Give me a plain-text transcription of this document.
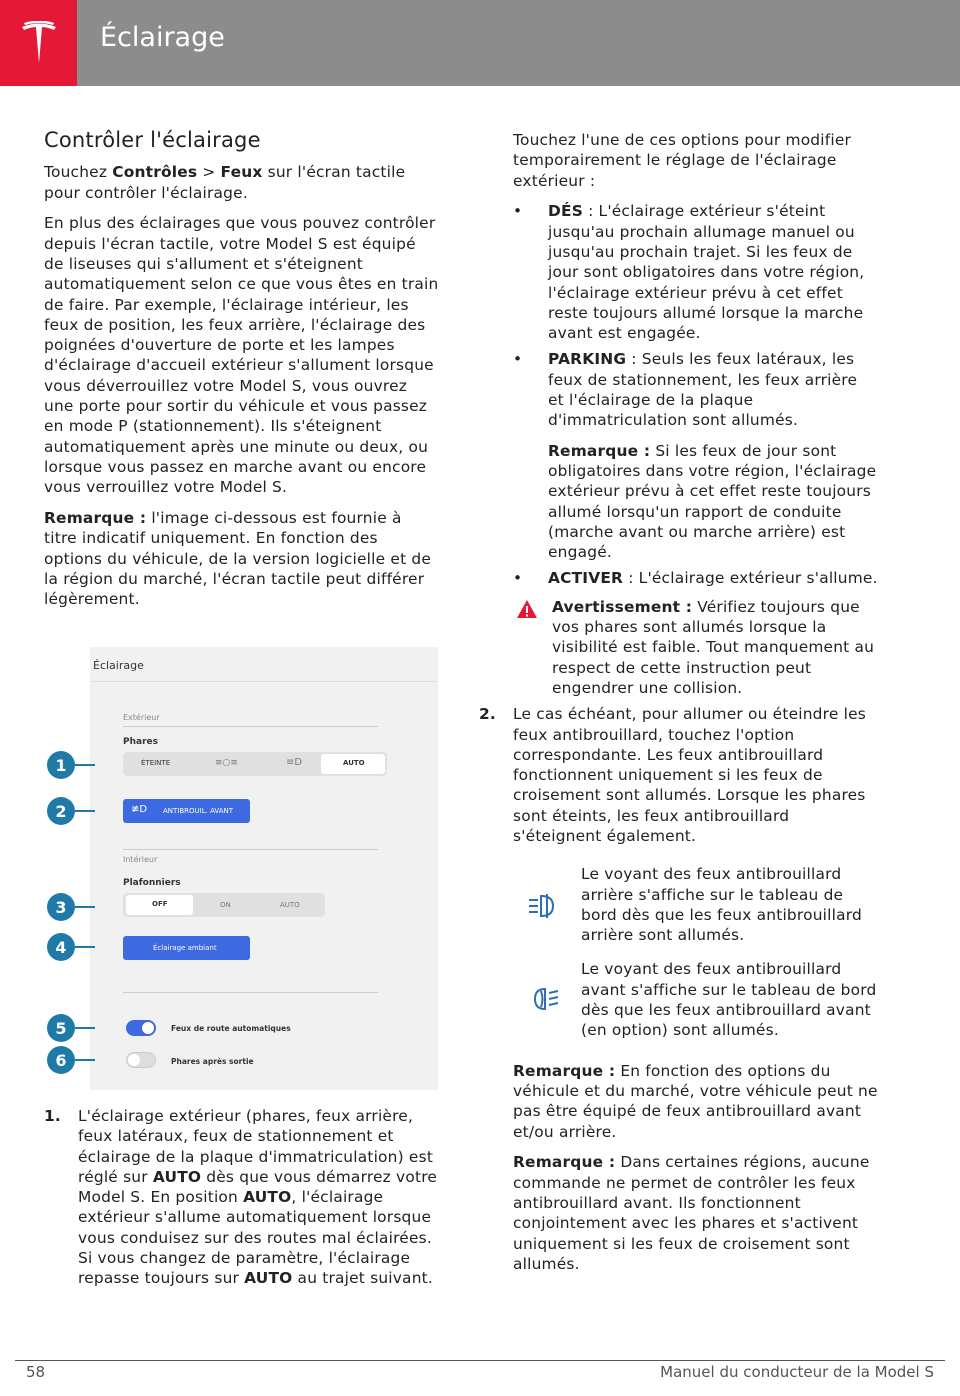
Éclairage
Contrôler l'éclairage

Touchez Contrôles > Feux sur l'écran tactile pour contrôler l'éclairage.

En plus des éclairages que vous pouvez contrôler depuis l'écran tactile, votre Model S est équipé de liseuses qui s'allument et s'éteignent automatiquement selon ce que vous êtes en train de faire. Par exemple, l'éclairage intérieur, les feux de position, les feux arrière, l'éclairage des poignées d'ouverture de porte et les lampes d'éclairage d'accueil extérieur s'allument lorsque vous déverrouillez votre Model S, vous ouvrez une porte pour sortir du véhicule et vous passez en mode P (stationnement). Ils s'éteignent automatiquement après une minute ou deux, ou lorsque vous passez en marche avant ou encore vous verrouillez votre Model S.

Remarque : l'image ci-dessous est fournie à titre indicatif uniquement. En fonction des options du véhicule, de la version logicielle et de la région du marché, l'écran tactile peut différer légèrement.

Éclairage
Extérieur
Phares
ÉTEINTE	≡○≡	≡D	AUTO
≢D ANTIBROUIL. AVANT
Intérieur
Plafonniers
OFF	ON	AUTO
Éclairage ambiant
Feux de route automatiques
Phares après sortie
1
2
3
4
5
6
1. L'éclairage extérieur (phares, feux arrière, feux latéraux, feux de stationnement et éclairage de la plaque d'immatriculation) est réglé sur AUTO dès que vous démarrez votre Model S. En position AUTO, l'éclairage extérieur s'allume automatiquement lorsque vous conduisez sur des routes mal éclairées. Si vous changez de paramètre, l'éclairage repasse toujours sur AUTO au trajet suivant.

Touchez l'une de ces options pour modifier temporairement le réglage de l'éclairage extérieur :

• DÉS : L'éclairage extérieur s'éteint jusqu'au prochain allumage manuel ou jusqu'au prochain trajet. Si les feux de jour sont obligatoires dans votre région, l'éclairage extérieur prévu à cet effet reste toujours allumé lorsque la marche avant est engagée.
• PARKING : Seuls les feux latéraux, les feux de stationnement, les feux arrière et l'éclairage de la plaque d'immatriculation sont allumés.
Remarque : Si les feux de jour sont obligatoires dans votre région, l'éclairage extérieur prévu à cet effet reste toujours allumé lorsqu'un rapport de conduite (marche avant ou marche arrière) est engagé.
• ACTIVER : L'éclairage extérieur s'allume.
Avertissement : Vérifiez toujours que vos phares sont allumés lorsque la visibilité est faible. Tout manquement au respect de cette instruction peut engendrer une collision.
2. Le cas échéant, pour allumer ou éteindre les feux antibrouillard, touchez l'option correspondante. Les feux antibrouillard fonctionnent uniquement si les feux de croisement sont allumés. Lorsque les phares sont éteints, les feux antibrouillard s'éteignent également.
Le voyant des feux antibrouillard arrière s'affiche sur le tableau de bord dès que les feux antibrouillard arrière sont allumés.
Le voyant des feux antibrouillard avant s'affiche sur le tableau de bord dès que les feux antibrouillard avant (en option) sont allumés.

Remarque : En fonction des options du véhicule et du marché, votre véhicule peut ne pas être équipé de feux antibrouillard avant et/ou arrière.

Remarque : Dans certaines régions, aucune commande ne permet de contrôler les feux antibrouillard avant. Ils fonctionnent conjointement avec les phares et s'activent uniquement si les feux de croisement sont allumés.

58	Manuel du conducteur de la Model S
